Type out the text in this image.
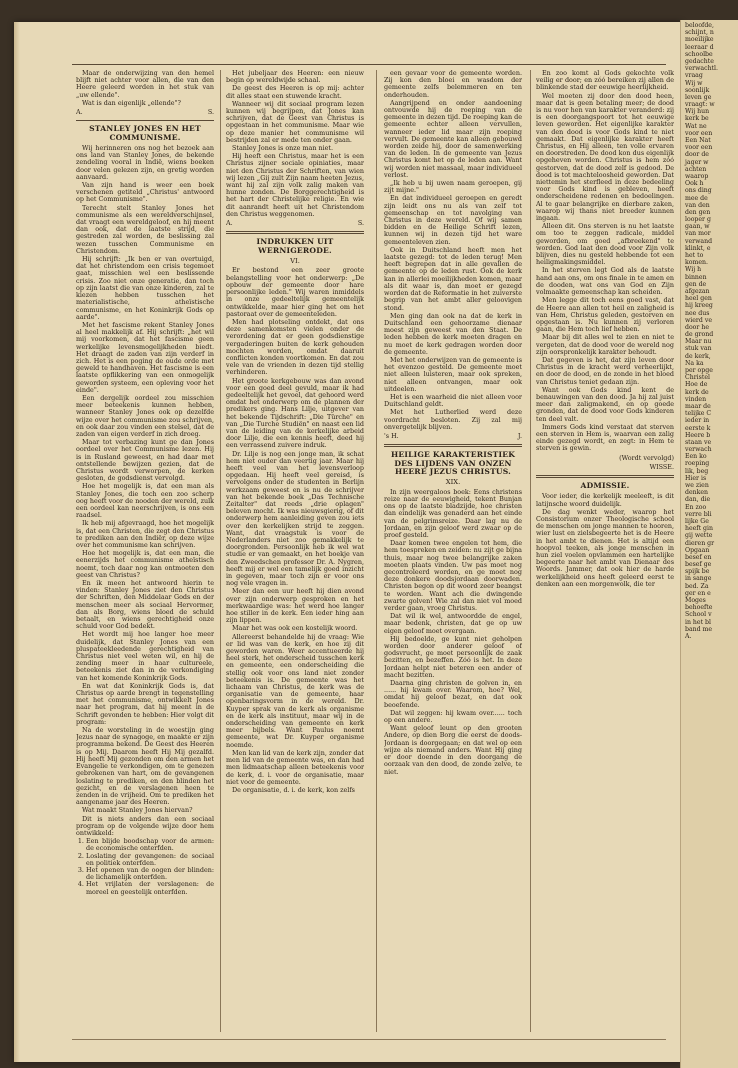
Maar de onderwijzing van den hemel blijft niet achter voor allen, die van den Heere geleerd worden in het stuk van „uw ellende".

Wat is dan eigenlijk „ellende"?

A.	S.
STANLEY JONES EN HET COMMUNISME.

Wij herinneren ons nog het bezoek aan ons land van Stanley Jones, de bekende zendeling vooral in Indië, wiens boeken door velen gelezen zijn, en gretig worden aanvaard.

Van zijn hand is weer een boek verschenen getiteld „Christus' antwoord op het Communisme".

Terecht stelt Stanley Jones het communisme als een wereldverschijnsel, dat vraagt een wereldgeloof, en hij meent dan ook, dat de laatste strijd, die gestreden zal worden, de beslissing zal wezen tusschen Communisme en Christendom.

Hij schrijft: „Ik ben er van overtuigd, dat het christendom een crisis tegemoet gaat, misschien wel een beslissende crisis. Zoo niet onze generatie, dan toch op zijn laatst die van onze kinderen, zal te kiezen hebben tusschen het materialistische, atheïstische communisme, en het Koninkrijk Gods op aarde".

Met het fascisme rekent Stanley Jones al heel makkelijk af. Hij schrijft: „het wil mij voorkomen, dat het fascisme geen werkelijke levensmogelijkheden biedt. Het draagt de zaden van zijn verderf in zich. Het is een poging de oude orde met geweld te handhaven. Het fascisme is een laatste opflikkering van een onmogelijk geworden systeem, een opleving voor het einde".

Een dergelijk oordeel zou misschien meer beteekenis kunnen hebben, wanneer Stanley Jones ook op dezelfde wijze over het communisme zou schrijven, en ook daar zou vinden een stelsel, dat de zaden van eigen verderf in zich droeg.

Maar tot verbazing kunt ge dan Jones oordeel over het Communisme lezen. Hij is in Rusland geweest, en had daar met ontstellende bewijzen gezien, dat de Christus wordt verworpen, de kerken gesloten, de godsdienst vervolgd.

Hoe het mogelijk is, dat een man als Stanley Jones, die toch een zoo scherp oog heeft voor de nooden der wereld, zulk een oordeel kan neerschrijven, is ons een raadsel.

Ik heb mij afgevraagd, hoe het mogelijk is, dat een Christen, die zegt den Christus te prediken aan den Indiër, op deze wijze over het communisme kan schrijven.

Hoe het mogelijk is, dat een man, die eenerzijds het communisme atheïstisch noemt, toch daar nog kan ontmoeten den geest van Christus?

En ik meen het antwoord hierin te vinden: Stanley Jones ziet den Christus der Schriften, den Middelaar Gods en der menschen meer als sociaal Hervormer, dan als Borg, wiens bloed de schuld betaalt, en wiens gerechtigheid onze schuld voor God bedekt.

Het wordt mij hoe langer hoe meer duidelijk, dat Stanley Jones van een pluspateekleedende gerechtigheid van Christus niet veel weten wil, en hij de zending meer in haar cultureele, beteekenis ziet dan in de verkondiging van het komende Koninkrijk Gods.

En wat dat Koninkrijk Gods is, dat Christus op aarde brengt in tegenstelling met het communisme, ontwikkelt Jones naar het program, dat hij meent in de Schrift gevonden te hebben: Hier volgt dit program:

Na de worsteling in de woestijn ging Jezus naar de synagoge, en maakte er zijn programma bekend. De Geest des Heeren is op Mij. Daarom heeft Hij Mij gezalfd. Hij heeft Mij gezonden om den armen het Evangelie te verkondigen, om te genezen gebrokenen van hart, om de gevangenen loslating te prediken, en den blinden het gezicht, en de verslagenen heen te zenden in de vrijheid. Om te prediken het aangename jaar des Heeren.

Wat maakt Stanley Jones hiervan?

Dit is niets anders dan een sociaal program op de volgende wijze door hem ontwikkeld:

1. Een blijde boodschap voor de armen: de economische onterfden.
2. Loslating der gevangenen: de sociaal en politiek onterfden.
3. Het openen van de oogen der blinden: de lichamelijk onterfden.
4. Het vrijlaten der verslagenen: de moreel en geestelijk onterfden.

Het jubeljaar des Heeren: een nieuw begin op wereldwijde schaal.

De geest des Heeren is op mij: achter dit alles staat een stuwende kracht.

Wanneer wij dit sociaal program lezen kunnen wij begrijpen, dat Jones kan schrijven, dat de Geest van Christus is opgestaan in het communisme. Maar wie op deze manier het communisme wil bestrijden zal er mede ten onder gaan.

Stanley Jones is onze man niet.

Hij heeft een Christus, maar het is een Christus zijner sociale opiniaties, maar niet den Christus der Schriften, van wien wij lezen „Gij zult Zijn naam heeten Jezus, want hij zal zijn volk zalig maken van hunne zonden. De Borggerechtigheid is het hart der Christelijke religie. En wie dit aanrandt heeft uit het Christendom den Christus weggenomen.

A.	S.
INDRUKKEN UIT WERNIGERODE.
VI.

Er bestond een zeer groote belangstelling voor het onderwerp: „De opbouw der gemeente door hare persoonlijke leden." Wij waren inmiddels in onze gedeeltelijk gemeentelijk ontwikkelde, maar hier ging het om het pastoraat over de gemeenteleden.

Men had plotseling ontdekt, dat ons deze samenkomsten vielen onder de verordening dat er geen godsdienstige vergaderingen buiten de kerk gehouden mochten worden, omdat daaruit conflicten konden voortkomen. En dat zou vele van de vrienden in dezen tijd stellig verhinderen.

Het groote kerkgebouw was dan avond voor een goed deel gevuld, maar ik had gedeeltelijk het gevoel, dat gehoord werd omdat het onderwerp om de plannen der predikers ging. Hans Lilje, uitgever van het bekende Tijdschrift: „Die Türche" en van „Die Turche Studiën" en naast een lid van de leiding van de kerkelijke arbeid door Lilje, die een kennis heeft, deed hij een verrassend zuivere indruk.

Dr. Lilje is nog een jonge man, ik schat hem niet ouder dan veertig jaar. Maar hij heeft veel van het levensverloop opgedaan. Hij heeft veel gereisd, is vervolgens onder de studenten in Berlijn werkzaam geweest en is nu de schrijver van het bekende boek „Das Technische Zeitalter" dat reeds „drie oplagen" beleven mocht. Ik was nieuwsgierig, of dit onderwerp hem aanleiding geven zou iets over den kerkelijken strijd te zeggen. Want, dat vraagstuk is voor de Nederlanders niet zoo gemakkelijk te doorgronden. Persoonlijk heb ik wel wat studie er van gemaakt, en het boekje van den Zweedschen professor Dr. A. Nygren, heeft mij er wel een tamelijk goed inzicht in gegeven, maar toch zijn er voor ons nog vele vragen in.

Meer dan een uur heeft hij dien avond over zijn onderwerp gesproken en het merkwaardige was: het werd hoe langer hoe stiller in de kerk. Een ieder hing aan zijn lippen.

Maar het was ook een kostelijk woord.

Allereerst behandelde hij de vraag: Wie er lid was van de kerk, en hoe zij dit geworden waren. Weer accentueerde hij heel sterk, het onderscheid tusschen kerk en gemeente, een onderscheiding die stellig ook voor ons land niet zonder beteekenis is. De gemeente was het lichaam van Christus, de kerk was de organisatie van de gemeente, haar openbaringsvorm in de wereld. Dr. Kuyper sprak van de kerk als organisme en de kerk als instituut, maar wij in de onderscheiding van gemeente en kerk meer bijbels. Want Paulus noemt gemeente, wat Dr. Kuyper organisme noemde.

Men kan lid van de kerk zijn, zonder dat men lid van de gemeente was, en dan had men lidmaatschap alleen beteekenis voor de kerk, d. i. voor de organisatie, maar niet voor de gemeente.

De organisatie, d. i. de kerk, kon zelfs

een gevaar voor de gemeente worden. Zij kon den bloei en wasdom der gemeente zelfs belemmeren en ten onderhouden.

Aangrijpend en onder aandoening ontvouwde hij de roeping van de gemeente in dezen tijd. De roeping kan de gemeente echter alleen vervullen, wanneer ieder lid maar zijn roeping vervult. De gemeente kan alleen gebouwd worden zeide hij, door de samenwerking van de leden. In de gemeente van Jezus Christus komt het op de leden aan. Want wij worden niet massaal, maar individueel verlost.

„Ik heb u bij uwen naam geroepen, gij zijt mijne."

En dat individueel geroepen en geredt zijn leidt ons nu als van zelf tot gemeenschap en tot navolging van Christus in deze wereld. Of wij samen bidden en de Heilige Schrift lezen, kunnen wij in dezen tijd het ware gemeenteleven zien.

Ook in Duitschland heeft men het laatste gezegd: tot de leden terug! Men heeft begrepen dat in alle gevallen de gemeente op de leden rust. Ook de kerk kan in allerlei moeilijkheden komen, maar als dit waar is, dan moet er gezegd worden dat de Reformatie in het zuiverste begrip van het ambt aller geloovigen stond.

Men ging dan ook na dat de kerk in Duitschland een gehoorzame dienaar moest zijn geweest van den Staat. De leden hebben de kerk moeten dragen en nu moet de kerk gedragen worden door de gemeente.

Met het onderwijzen van de gemeente is het evenzoo gesteld. De gemeente moet niet alleen luisteren, maar ook spreken, niet alleen ontvangen, maar ook uitdeelen.

Het is een waarheid die niet alleen voor Duitschland geldt.

Met het Lutherlied werd deze voordracht besloten. Zij zal mij onvergetelijk blijven.

's H.	J.
HEILIGE KARAKTERISTIEK DES LIJDENS VAN ONZEN HEERE JEZUS CHRISTUS.
XIX.

In zijn weergaloos boek: Eens christens reize naar de eeuwigheid, tekent Bunjan ons op de laatste bladzijde, hoe christen dan eindelijk was genaderd aan het einde van de pelgrimsreize. Daar lag nu de Jordaan, en zijn geloof werd zwaar op de proef gesteld.

Daar komen twee engelen tot hem, die hem toespreken en zeiden: nu zijt ge bijna thuis, maar nog twee belangrijke zaken moeten plaats vinden. Uw pas moet nog gecontroleerd worden, en ge moet nog deze donkere doodsjordaan doorwaden. Christen begon op dit woord zeer beangst te worden. Want ach die dwingende zwarte golven! Wie zal dan niet vol moed verder gaan, vroeg Christus.

Dat wil ik wel, antwoordde de engel, maar bedenk, christen, dat ge op uw eigen geloof moet overgaan.

Hij bedoelde, ge kunt niet geholpen worden door anderer geloof of godsvrucht, ge moet persoonlijk de zaak bezitten, en bezeffen. Zóó is het. In deze Jordaan helpt niet beteren een ander of macht bezitten.

Daarna ging christen de golven in, en ...... hij kwam over. Waarom, hoe? Wel, omdat hij geloof bezat, en dat ook beoefende.

Dat wil zeggen: hij kwam over...... toch op een andere.

Want geloof leunt op den grooten Andere, op dien Borg die eerst de doods-Jordaan is doorgegaan; en dat wel op een wijze als niemand anders. Want Hij ging er door doende in den doorgang de oorzaak van den dood, de zonde zelve, te niet.

En zoo komt al Gods gekochte volk veilig er door; en zóó bereiken zij allen de blinkende stad der eeuwige heerlijkheid.

Wel moeten zij door den dood heen, maar dat is geen betaling meer; de dood is nu voor hen van karakter veranderd: zij is een doorgangspoort tot het eeuwige leven geworden. Het eigenlijke karakter van den dood is voor Gods kind te niet gemaakt. Dat eigenlijke karakter heeft Christus, en Hij alleen, ten volle ervaren en doorstreden. De dood kon dus eigenlijk opgeheven worden. Christus is hem zóó gestorven, dat de dood zelf is gedood. De dood is tot machteloosheid geworden. Dat niettemin het sterfleed in deze bedeeling voor Gods kind is gebleven, heeft onderscheidene redenen en bedoelingen. Al te gaar belangrijke en dierbare zaken, waarop wij thans niet breeder kunnen ingaan.

Alleen dit. Ons sterven is nu het laatste om too te zeggen radicale, middel geworden, om goed „afbreekend" te worden. God laat den dood voor Zijn volk blijven, dies nu gesteld hebbende tot een heiligmakingsmiddel.

In het sterven legt God als de laatste hand aan ons, om ons finale in te amen en de dooden, wat ons van God en Zijn volmaakte gemeenschap kan scheiden.

Men legge dit toch eens goed vast, dat de Heere aan allen tot heil en zaligheid is van Hem, Christus geleden, gestorven en opgestaan is. Nu kunnen zij verloren gaan, die Hem toch lief hebben.

Maar bij dit alles wel te zien en niet te vergeten, dat de dood voor de wereld nog zijn oorspronkelijk karakter behoudt.

Dat gegeven is het, dat zijn leven door Christus in de kracht werd verheerlijkt, en door de dood, en de zonde in het bloed van Christus teniet gedaan zijn.

Want ook Gods kind kent de benauwingen van den dood. Ja hij zal juist meer dan zaligmakend, en op goede gronden, dat de dood voor Gods kinderen ten deel valt.

Immers Gods kind verstaat dat sterven een sterven in Hem is, waarvan een zalig einde gezegd wordt, en zegt: in Hem te sterven is gewin.

(Wordt vervolgd)

WISSE.

ADMISSIE.

Voor ieder, die kerkelijk meeleeft, is dit latijnsche woord duidelijk.

De dag wenkt weder, waarop het Consistorium onzer Theologische school de menschen om jonge mannen te hooren, wier lust en zielsbegeerte het is de Heere in het ambt te dienen. Het is altijd een hoopvol teeken, als jonge menschen in hun ziel voelen opvlammen een hartelijke begeerte naar het ambt van Dienaar des Woords. Jammer, dat ook hier de harde werkelijkheid ons heeft geleerd eerst te denken aan een morgenwolk, die ter

beloofde,
schijnt, n
moeilijke
leeraar d
schoolbe
gedachte
verwachtl.
vraag
Wij w
soonlijk
leven ge
vraagt: w
Wij hun
kerk be
Wat ne
voor een
Een Nat
voor een
door de
jager w
achten
waarop
Ook h
ons ding
mee de
van den
den gen
looper g
gaan, w
van mor
verwand
klinkt, e
het to
komen.
Wij h
binnen
gen de
afgezan
heel gen
hij kreeg
nee dus
wierd ve
door he
de grond
Maar nu
stuk van
de kerk,
Na ka
per opge
Christel
Hoe de
kerk de
vinden
maar de
telijke C
ieder in
eerste k
Heere b
staan ve
verwach
Een ko
roeping
lik, beg
Hier is
we zien
denken
dan, die
En zoo
verre bli
lijke Ge
heeft gin
gij wette
dieren gr
Opgaan
besef en
besef ge
spijk be
in sange
bed. Za
ger en e
Moges
behoefte
School v
in het bl
band me
A.
